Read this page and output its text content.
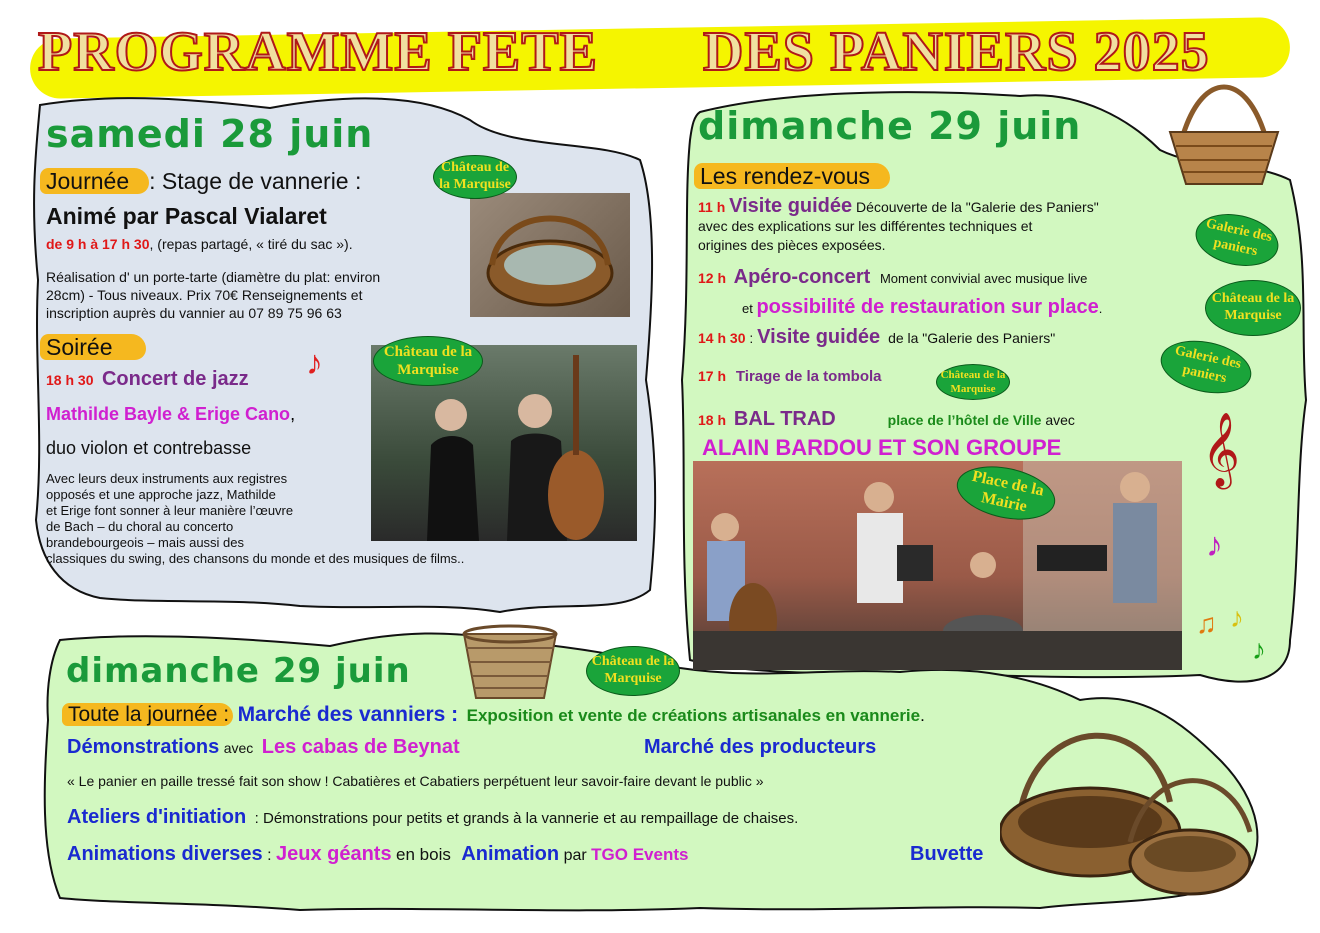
PROGRAMME FETE DES PANIERS 2025
samedi 28 juin
Journée : Stage de vannerie :
Animé par Pascal Vialaret
de 9 h à 17 h 30, (repas partagé, « tiré du sac »).
Réalisation d' un porte-tarte (diamètre du plat: environ
28cm) - Tous niveaux. Prix 70€ Renseignements et
inscription auprès du vannier au 07 89 75 96 63
Soirée
18 h 30 Concert de jazz
Mathilde Bayle & Erige Cano,
duo violon et contrebasse
Avec leurs deux instruments aux registres
opposés et une approche jazz, Mathilde
et Erige font sonner à leur manière l’œuvre
de Bach – du choral au concerto
brandebourgeois – mais aussi des
classiques du swing, des chansons du monde et des musiques de films..
Château de la Marquise
Château de la Marquise
♪
dimanche 29 juin
Les rendez-vous
11 h Visite guidée Découverte de la "Galerie des Paniers"
avec des explications sur les différentes techniques et
origines des pièces exposées.
12 h Apéro-concert Moment convivial avec musique live
et possibilité de restauration sur place.
14 h 30 : Visite guidée de la "Galerie des Paniers"
17 h Tirage de la tombola
18 h BAL TRAD	place de l’hôtel de Ville avec
ALAIN BARDOU ET SON GROUPE
Galerie des paniers
Château de la Marquise
Galerie des paniers
Château de la Marquise
Place de la Mairie
𝄞
♪
♫ ♪
♪
dimanche 29 juin	Château de la Marquise
Toute la journée : Marché des vanniers : Exposition et vente de créations artisanales en vannerie.
Démonstrations avec Les cabas de Beynat	Marché des producteurs
« Le panier en paille tressé fait son show ! Cabatières et Cabatiers perpétuent leur savoir-faire devant le public »
Ateliers d'initiation : Démonstrations pour petits et grands à la vannerie et au rempaillage de chaises.
Animations diverses : Jeux géants en bois Animation par TGO Events	Buvette
